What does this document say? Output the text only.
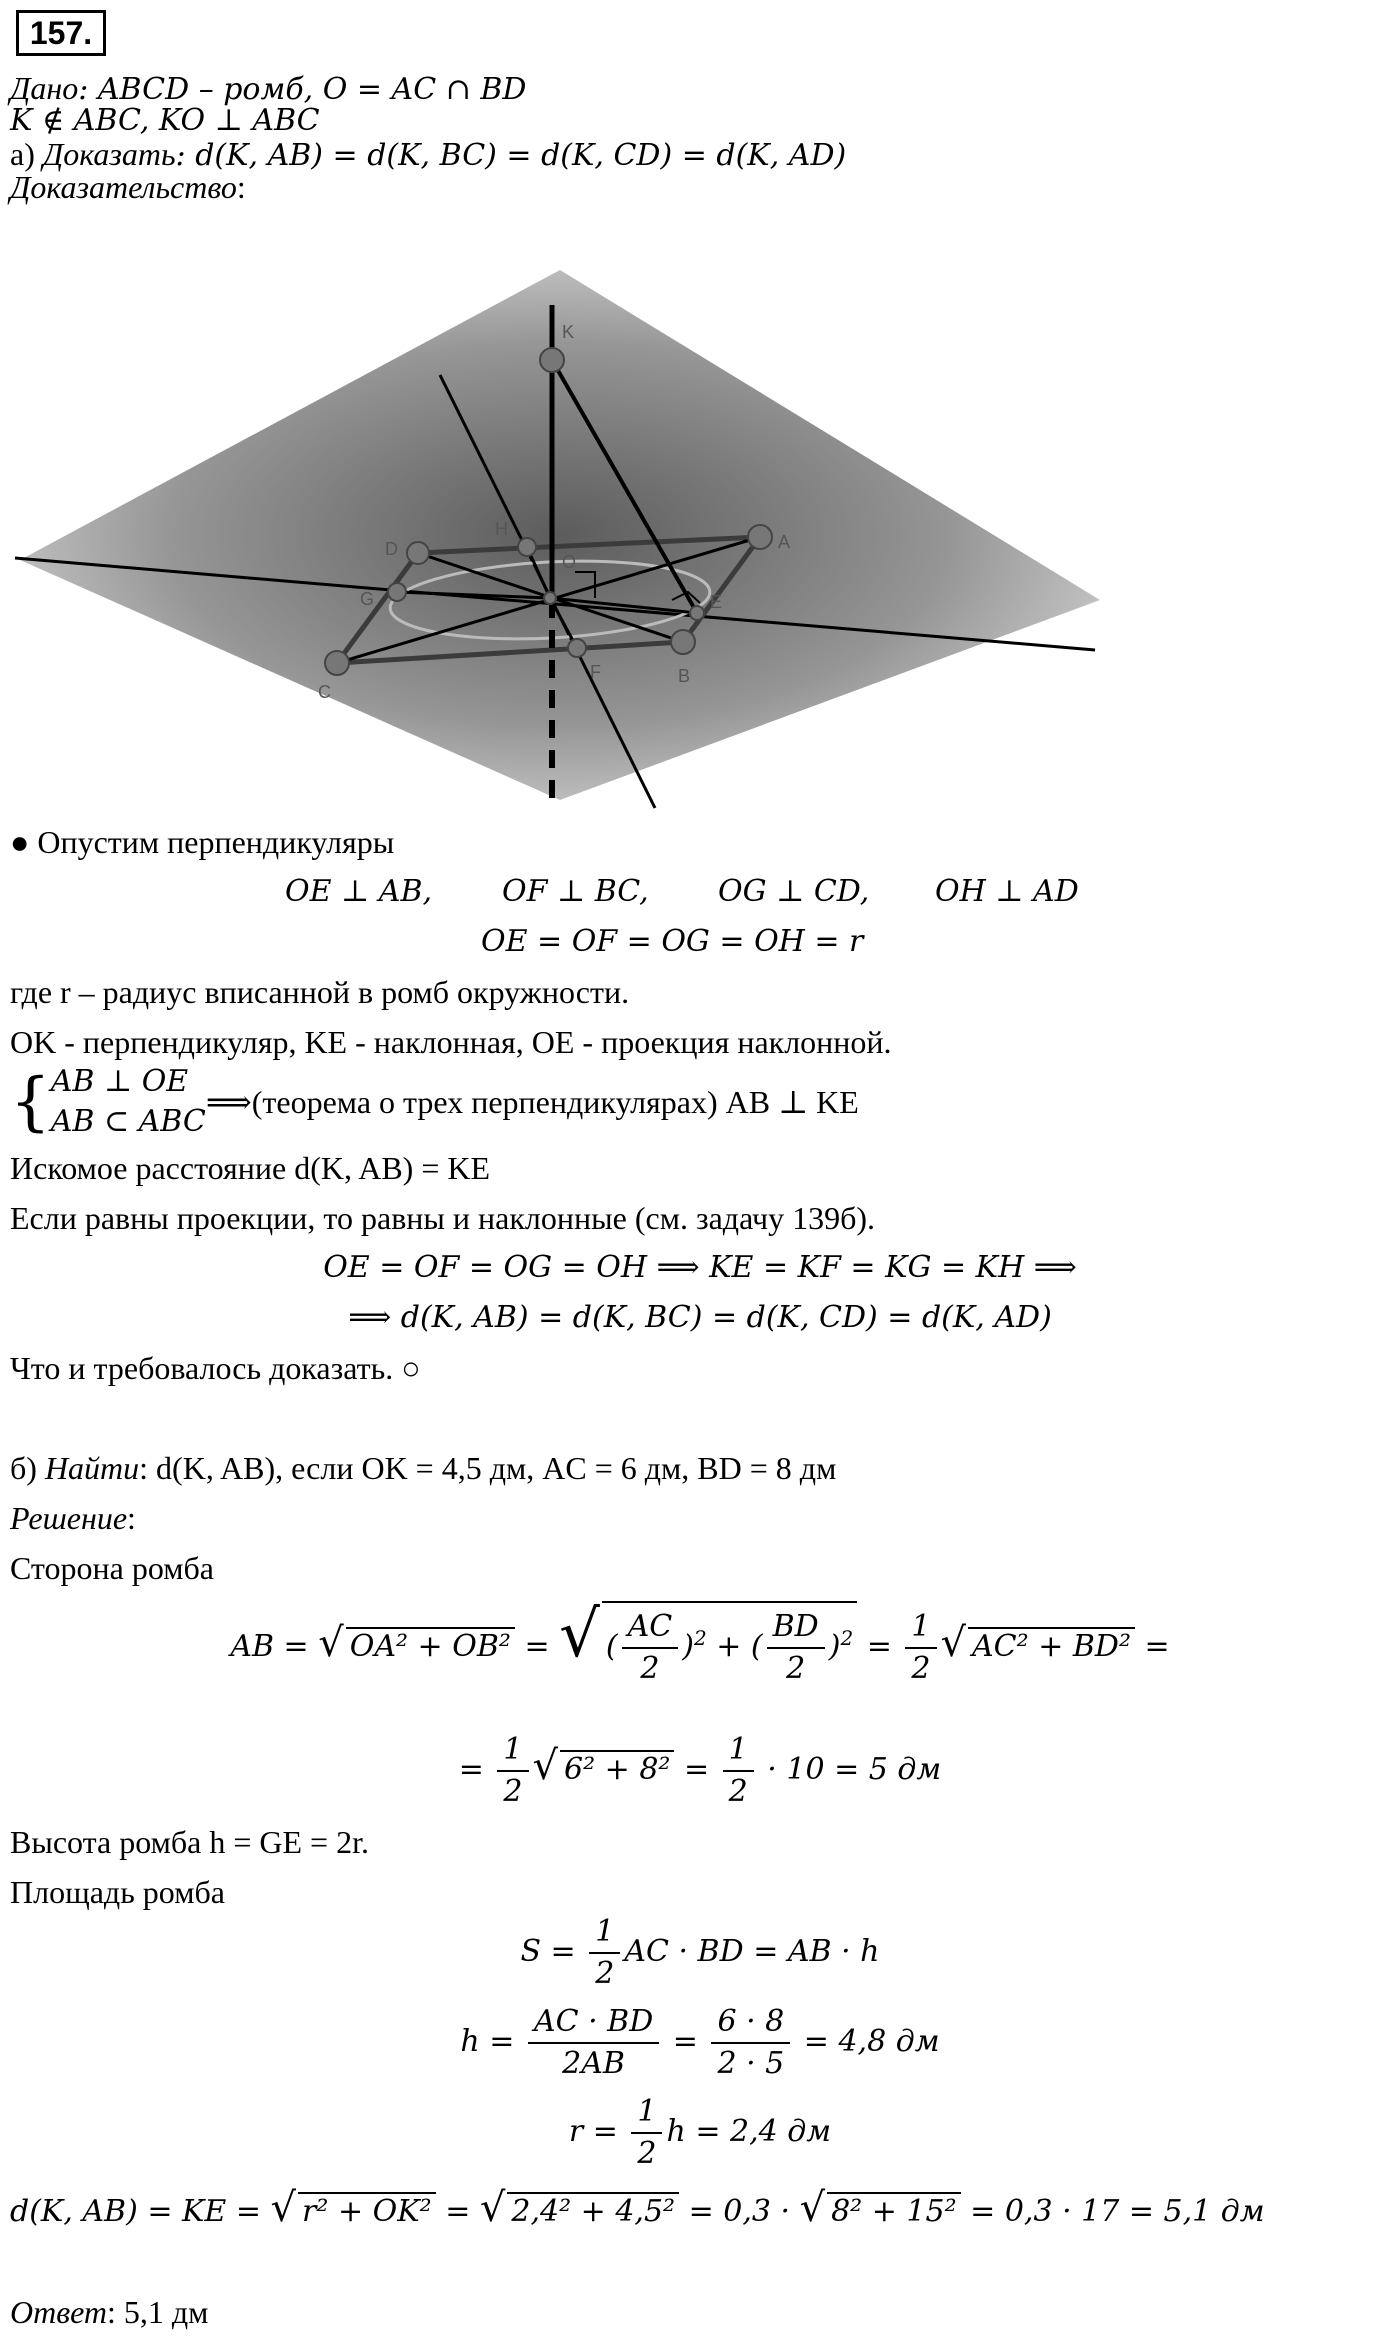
157.
Дано: ABCD – ромб, O = AC ∩ BD
K ∉ ABC, KO ⊥ ABC
а) Доказать: d(K, AB) = d(K, BC) = d(K, CD) = d(K, AD)
Доказательство:
K
D
H
O
A
G	E
C
F	B
● Опустим перпендикуляры
OE ⊥ AB, OF ⊥ BC, OG ⊥ CD, OH ⊥ AD
OE = OF = OG = OH = r
где r – радиус вписанной в ромб окружности.
OK - перпендикуляр, KE - наклонная, OE - проекция наклонной.
{ AB ⊥ OE
AB ⊂ ABC
⟹(теорема о трех перпендикулярах) AB ⊥ KE
Искомое расстояние d(K, AB) = KE
Если равны проекции, то равны и наклонные (см. задачу 139б).
OE = OF = OG = OH ⟹ KE = KF = KG = KH ⟹
⟹ d(K, AB) = d(K, BC) = d(K, CD) = d(K, AD)
Что и требовалось доказать. ○
б) Найти: d(K, AB), если OK = 4,5 дм, AC = 6 дм, BD = 8 дм
Решение:
Сторона ромба
AB = √ OA² + OB² = √ ( $\frac{AC}{2} )^2$ + ( $\frac{BD}{2} )^2 = \frac{1}{2}$ √ AC² + BD² =
= $\frac{1}{2}$ √ $6^2 + 8^2 = \frac{1}{2} \cdot 10 = 5$ дм
Высота ромба h = GE = 2r.
Площадь ромба
$S = \frac{1}{2}$ AC · BD = AB · h
$h = \frac{AC \cdot BD}{2AB} = \frac{6 \cdot 8}{2 \cdot 5} = 4,8$ дм
$r = \frac{1}{2}$ h = 2,4 дм
d(K, AB) = KE = √ r² + OK² = √ 2,4² + 4,5² = 0,3 · √ 8² + 15² = 0,3 · 17 = 5,1 дм
Ответ: 5,1 дм
